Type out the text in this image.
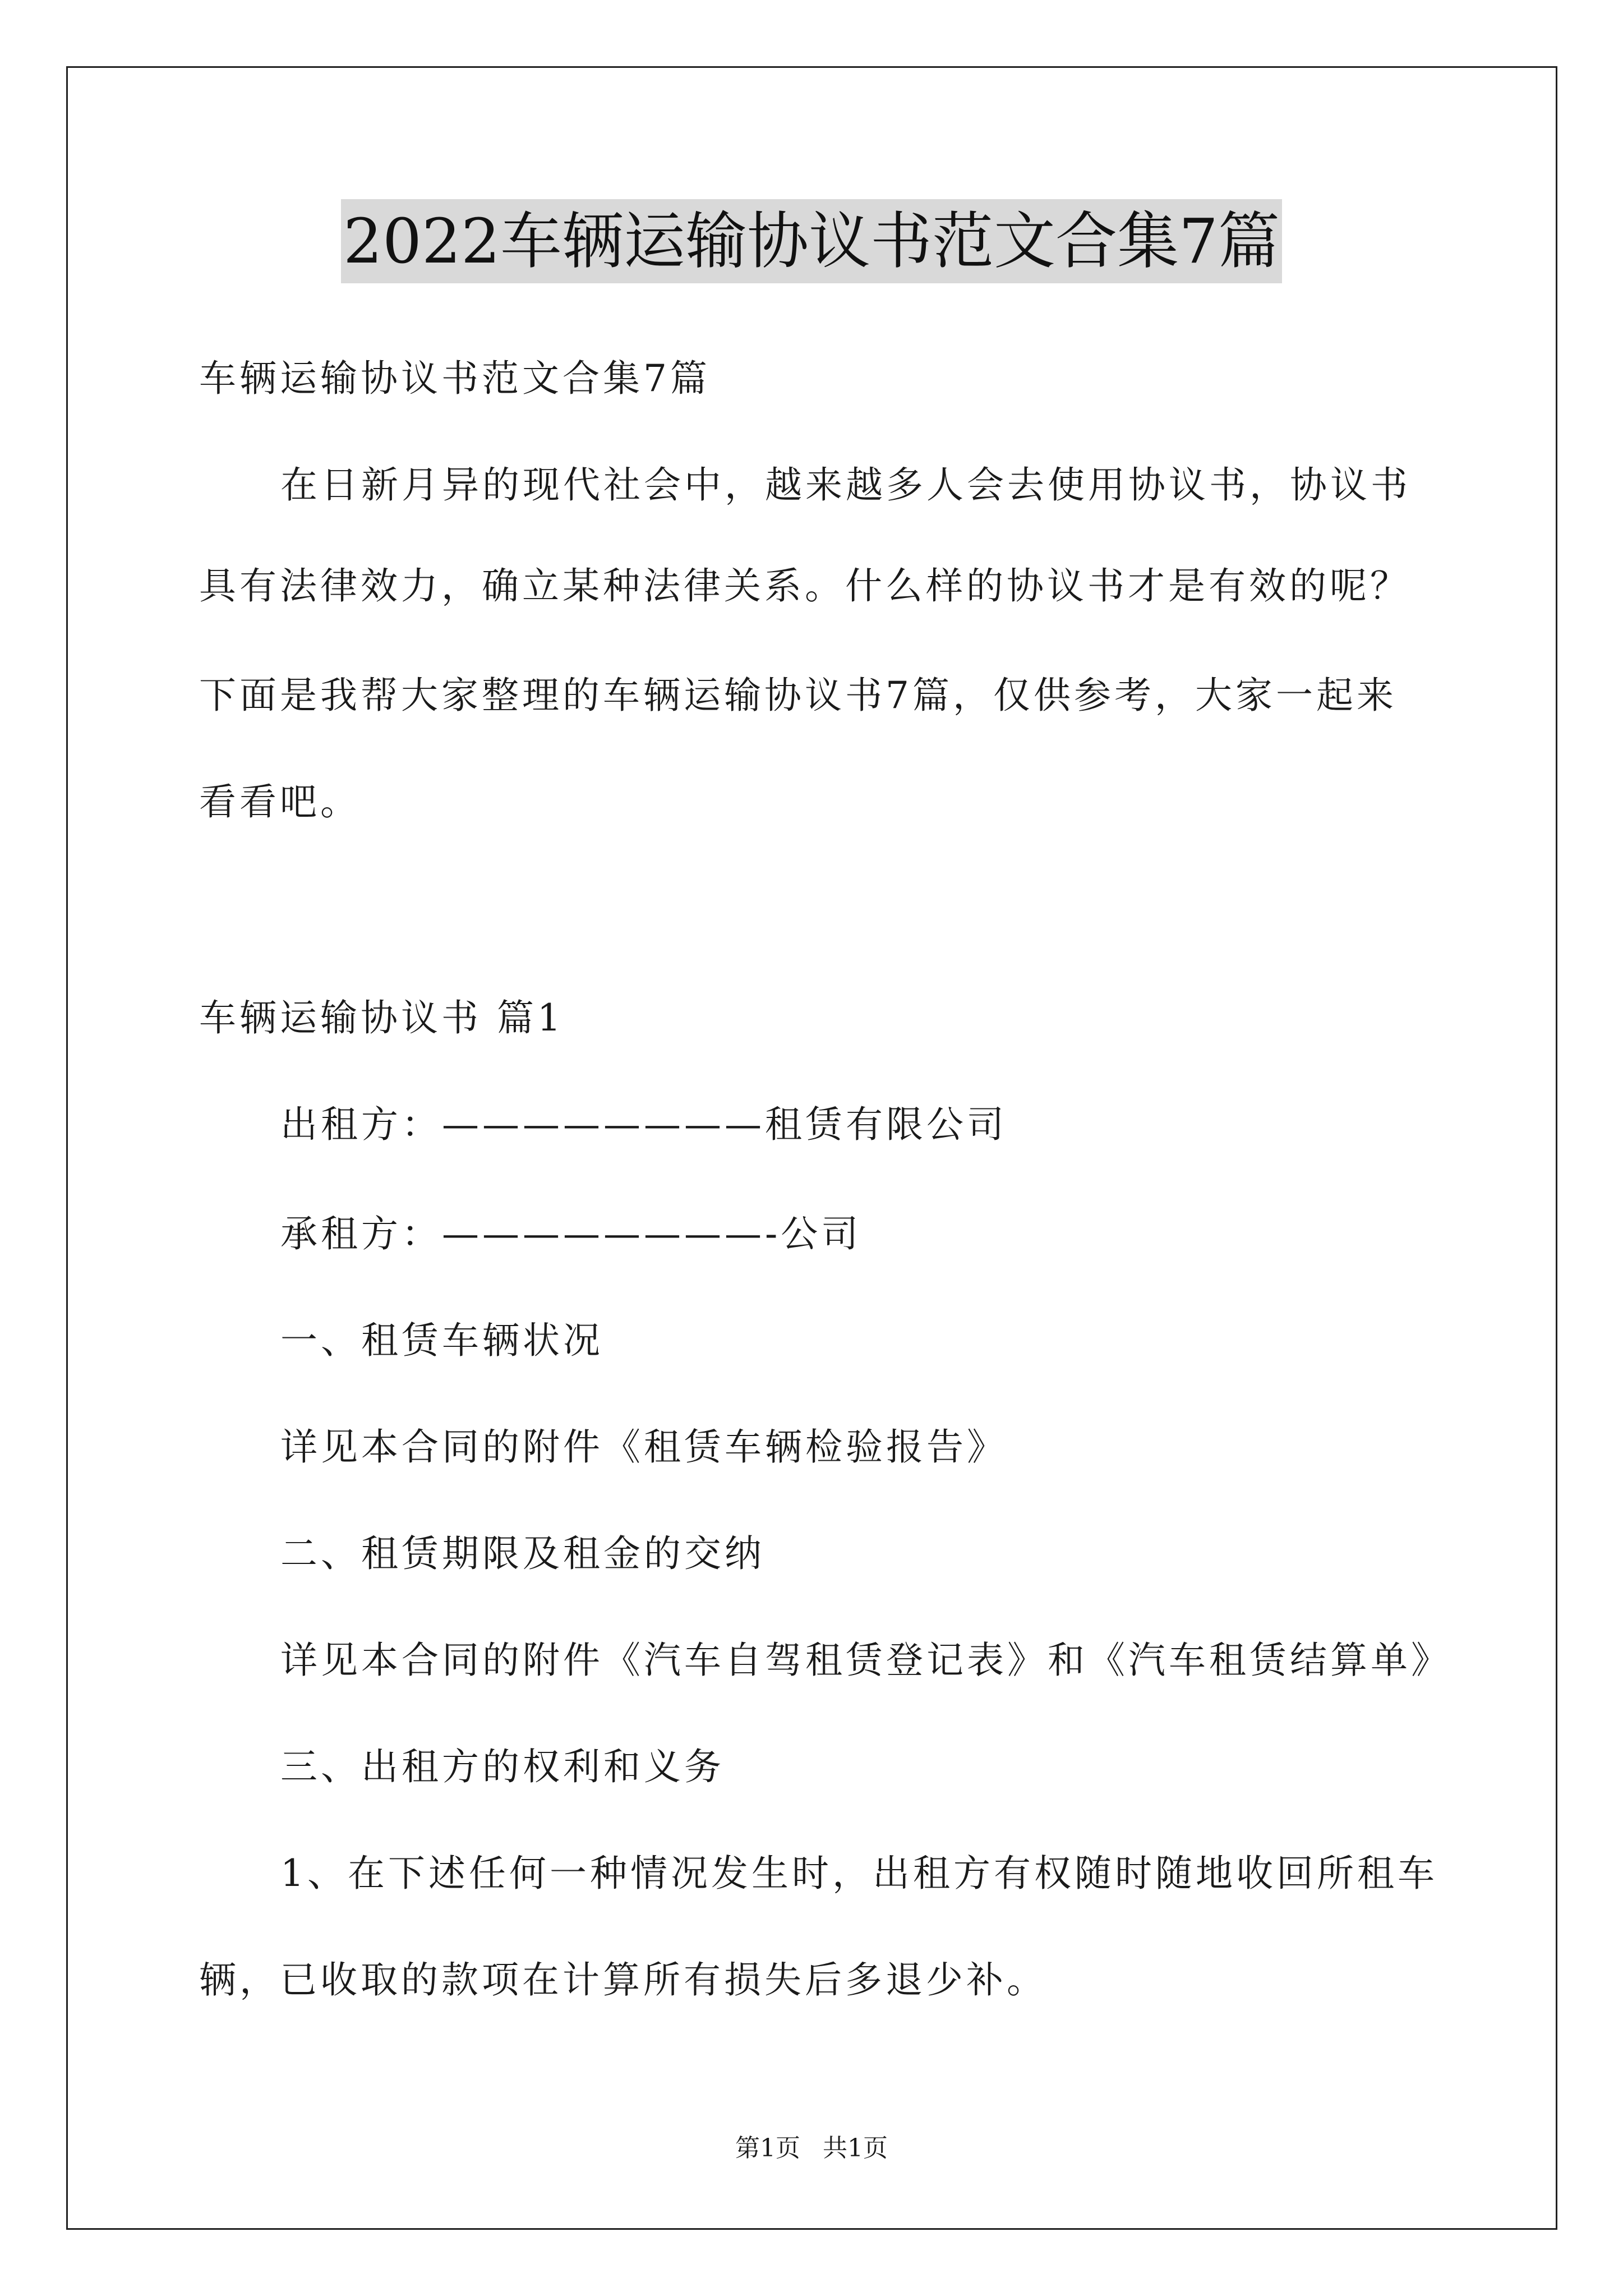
2022车辆运输协议书范文合集7篇
车辆运输协议书范文合集7篇
在日新月异的现代社会中，越来越多人会去使用协议书，协议书
具有法律效力，确立某种法律关系。什么样的协议书才是有效的呢？
下面是我帮大家整理的车辆运输协议书7篇，仅供参考，大家一起来
看看吧。
车辆运输协议书 篇1
出租方：————————租赁有限公司
承租方：————————-公司
一、租赁车辆状况
详见本合同的附件《租赁车辆检验报告》
二、租赁期限及租金的交纳
详见本合同的附件《汽车自驾租赁登记表》和《汽车租赁结算单》
三、出租方的权利和义务
1、在下述任何一种情况发生时，出租方有权随时随地收回所租车
辆，已收取的款项在计算所有损失后多退少补。
第1页 共1页
